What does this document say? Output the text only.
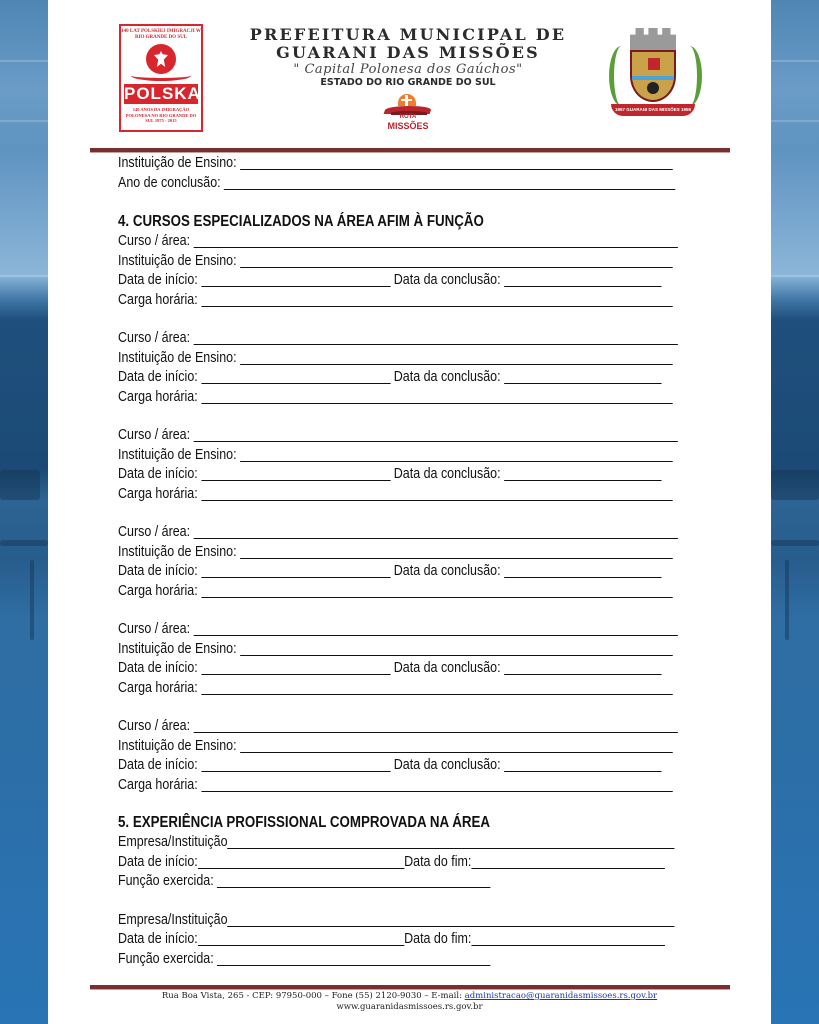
140 LAT POLSKIEJ IMIGRACJI W RIO GRANDE DO SUL
POLSKA
140 ANOS DA IMIGRAÇÃO POLONESA NO RIO GRANDE DO SUL 1875 - 2015
PREFEITURA MUNICIPAL DE
GUARANI DAS MISSÕES
" Capital Polonesa dos Gaúchos"
ESTADO DO RIO GRANDE DO SUL
ROTA
MISSÕES
1957 GUARANI DAS MISSÕES 1959
Instituição de Ensino:
Ano de conclusão:
4. CURSOS ESPECIALIZADOS NA ÁREA AFIM À FUNÇÃO
Curso / área:
Instituição de Ensino:
Data de início:	Data da conclusão:
Carga horária:
Curso / área:
Instituição de Ensino:
Data de início:	Data da conclusão:
Carga horária:
Curso / área:
Instituição de Ensino:
Data de início:	Data da conclusão:
Carga horária:
Curso / área:
Instituição de Ensino:
Data de início:	Data da conclusão:
Carga horária:
Curso / área:
Instituição de Ensino:
Data de início:	Data da conclusão:
Carga horária:
Curso / área:
Instituição de Ensino:
Data de início:	Data da conclusão:
Carga horária:
5. EXPERIÊNCIA PROFISSIONAL COMPROVADA NA ÁREA
Empresa/Instituição
Data de início:	Data do fim:
Função exercida:
Empresa/Instituição
Data de início:	Data do fim:
Função exercida:
Rua Boa Vista, 265 - CEP: 97950-000 – Fone (55) 2120-9030 – E-mail: administracao@guaranidasmissoes.rs.gov.br
www.guaranidasmissoes.rs.gov.br
